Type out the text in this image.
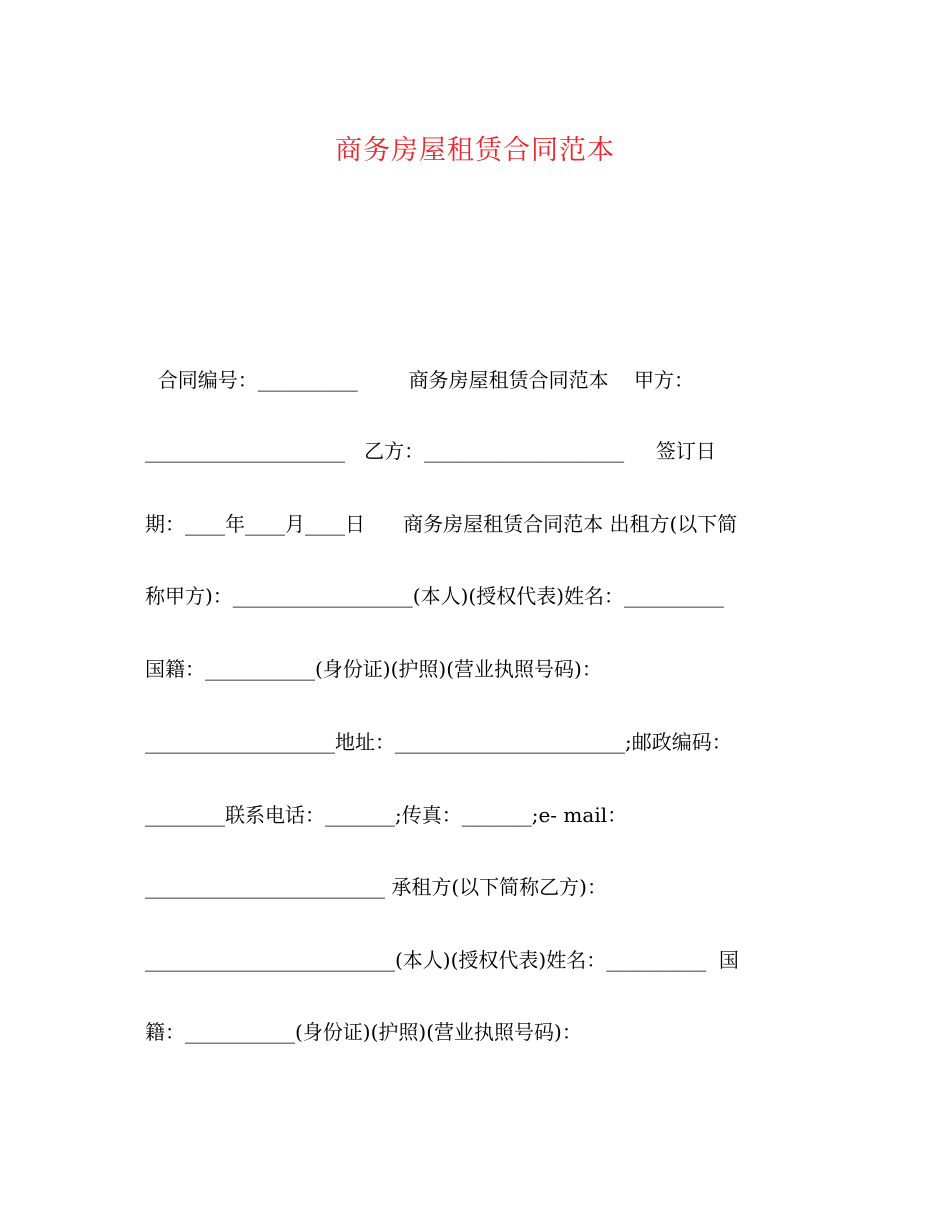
商务房屋租赁合同范本
合同编号：__________        商务房屋租赁合同范本    甲方：
____________________   乙方：____________________     签订日
期：____年____月____日      商务房屋租赁合同范本 出租方(以下简
称甲方)：__________________(本人)(授权代表)姓名：__________
国籍：___________(身份证)(护照)(营业执照号码)：
___________________地址：_______________________;邮政编码：
________联系电话：_______;传真：_______;e- mail：
________________________ 承租方(以下简称乙方)：
_________________________(本人)(授权代表)姓名：__________  国
籍：___________(身份证)(护照)(营业执照号码)：
